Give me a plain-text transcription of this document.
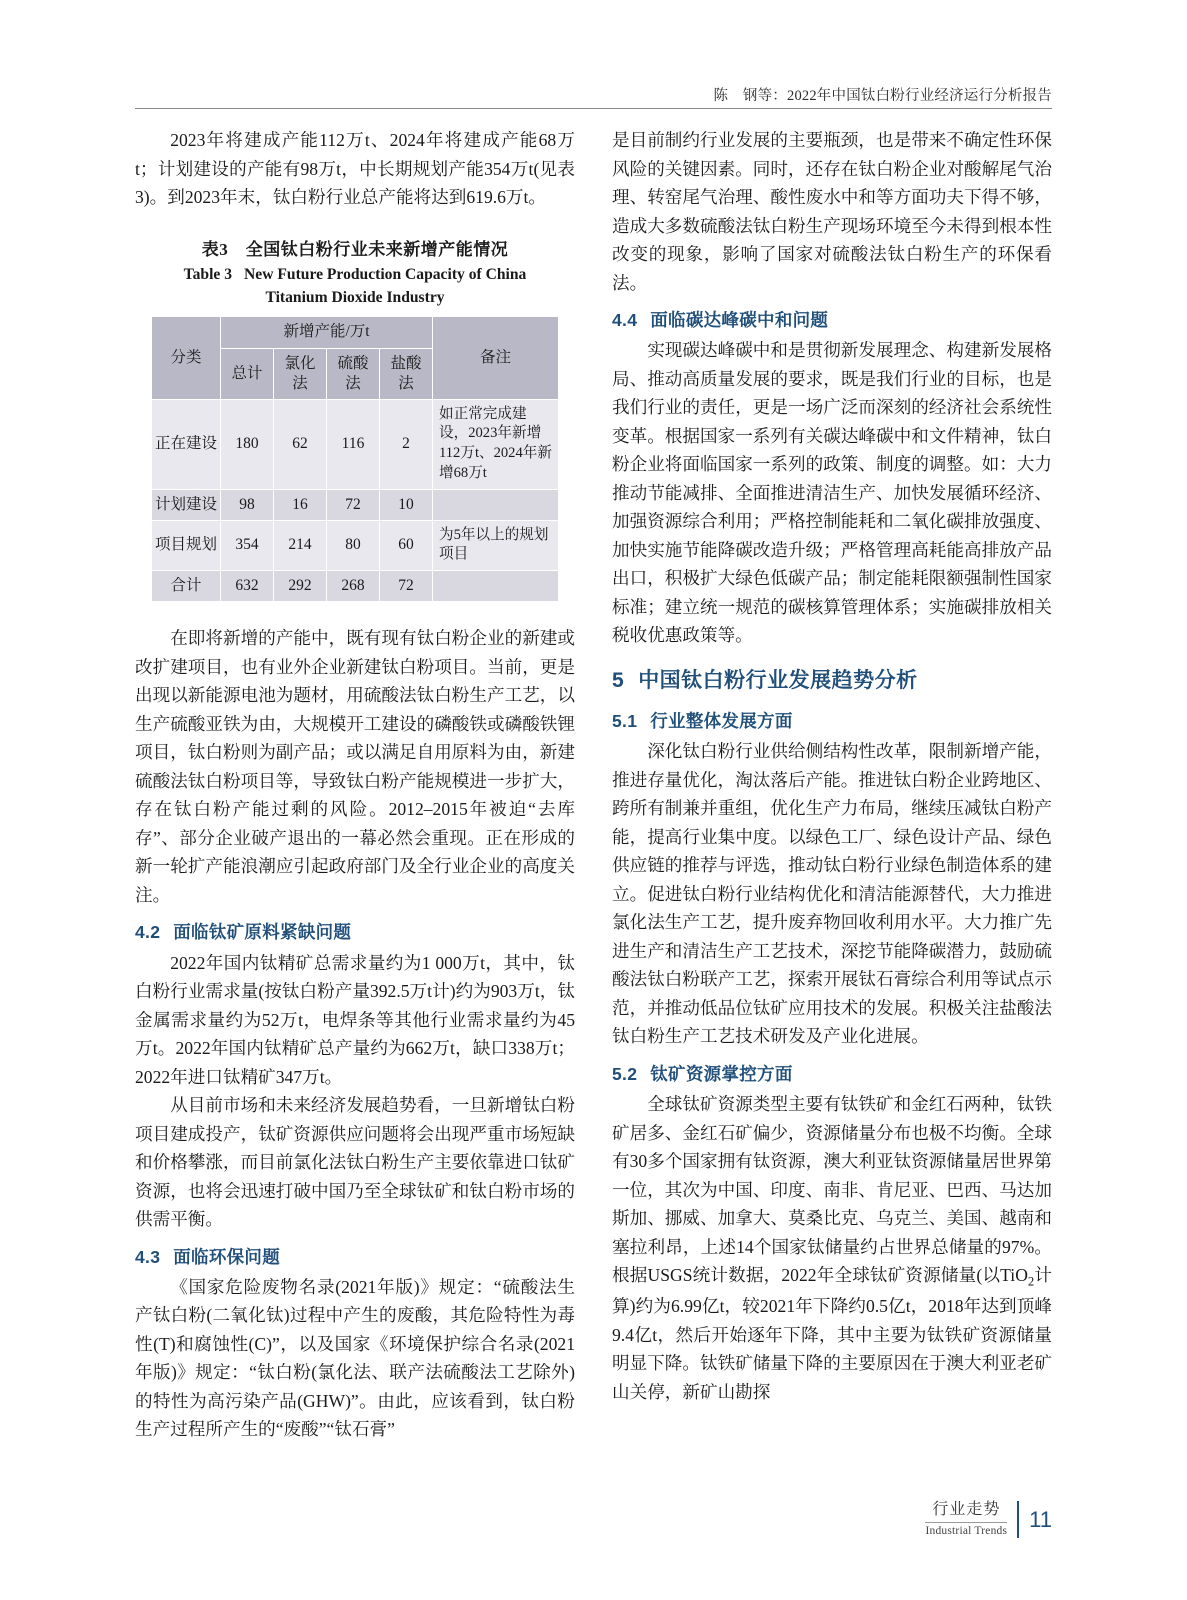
陈　钢等：2022年中国钛白粉行业经济运行分析报告

2023年将建成产能112万t、2024年将建成产能68万t；计划建设的产能有98万t，中长期规划产能354万t(见表3)。到2023年末，钛白粉行业总产能将达到619.6万t。

表3　 全国钛白粉行业未来新增产能情况
Table 3 New Future Production Capacity of China Titanium Dioxide Industry
分类	新增产能/万t				备注
	总计	氯化法	硫酸法	盐酸法	
正在建设	180	62	116	2	如正常完成建设，2023年新增112万t、2024年新增68万t
计划建设	98	16	72	10	
项目规划	354	214	80	60	为5年以上的规划项目
合计	632	292	268	72	

在即将新增的产能中，既有现有钛白粉企业的新建或改扩建项目，也有业外企业新建钛白粉项目。当前，更是出现以新能源电池为题材，用硫酸法钛白粉生产工艺，以生产硫酸亚铁为由，大规模开工建设的磷酸铁或磷酸铁锂项目，钛白粉则为副产品；或以满足自用原料为由，新建硫酸法钛白粉项目等，导致钛白粉产能规模进一步扩大，存在钛白粉产能过剩的风险。2012–2015年被迫“去库存”、部分企业破产退出的一幕必然会重现。正在形成的新一轮扩产能浪潮应引起政府部门及全行业企业的高度关注。

4.2 面临钛矿原料紧缺问题

2022年国内钛精矿总需求量约为1 000万t，其中，钛白粉行业需求量(按钛白粉产量392.5万t计)约为903万t，钛金属需求量约为52万t，电焊条等其他行业需求量约为45万t。2022年国内钛精矿总产量约为662万t，缺口338万t；2022年进口钛精矿347万t。

从目前市场和未来经济发展趋势看，一旦新增钛白粉项目建成投产，钛矿资源供应问题将会出现严重市场短缺和价格攀涨，而目前氯化法钛白粉生产主要依靠进口钛矿资源，也将会迅速打破中国乃至全球钛矿和钛白粉市场的供需平衡。

4.3 面临环保问题

《国家危险废物名录(2021年版)》规定：“硫酸法生产钛白粉(二氧化钛)过程中产生的废酸，其危险特性为毒性(T)和腐蚀性(C)”，以及国家《环境保护综合名录(2021年版)》规定：“钛白粉(氯化法、联产法硫酸法工艺除外)的特性为高污染产品(GHW)”。由此，应该看到，钛白粉生产过程所产生的“废酸”“钛石膏”

是目前制约行业发展的主要瓶颈，也是带来不确定性环保风险的关键因素。同时，还存在钛白粉企业对酸解尾气治理、转窑尾气治理、酸性废水中和等方面功夫下得不够，造成大多数硫酸法钛白粉生产现场环境至今未得到根本性改变的现象，影响了国家对硫酸法钛白粉生产的环保看法。

4.4 面临碳达峰碳中和问题

实现碳达峰碳中和是贯彻新发展理念、构建新发展格局、推动高质量发展的要求，既是我们行业的目标，也是我们行业的责任，更是一场广泛而深刻的经济社会系统性变革。根据国家一系列有关碳达峰碳中和文件精神，钛白粉企业将面临国家一系列的政策、制度的调整。如：大力推动节能减排、全面推进清洁生产、加快发展循环经济、加强资源综合利用；严格控制能耗和二氧化碳排放强度、加快实施节能降碳改造升级；严格管理高耗能高排放产品出口，积极扩大绿色低碳产品；制定能耗限额强制性国家标准；建立统一规范的碳核算管理体系；实施碳排放相关税收优惠政策等。

5 中国钛白粉行业发展趋势分析
5.1 行业整体发展方面

深化钛白粉行业供给侧结构性改革，限制新增产能，推进存量优化，淘汰落后产能。推进钛白粉企业跨地区、跨所有制兼并重组，优化生产力布局，继续压减钛白粉产能，提高行业集中度。以绿色工厂、绿色设计产品、绿色供应链的推荐与评选，推动钛白粉行业绿色制造体系的建立。促进钛白粉行业结构优化和清洁能源替代，大力推进氯化法生产工艺，提升废弃物回收利用水平。大力推广先进生产和清洁生产工艺技术，深挖节能降碳潜力，鼓励硫酸法钛白粉联产工艺，探索开展钛石膏综合利用等试点示范，并推动低品位钛矿应用技术的发展。积极关注盐酸法钛白粉生产工艺技术研发及产业化进展。

5.2 钛矿资源掌控方面

全球钛矿资源类型主要有钛铁矿和金红石两种，钛铁矿居多、金红石矿偏少，资源储量分布也极不均衡。全球有30多个国家拥有钛资源，澳大利亚钛资源储量居世界第一位，其次为中国、印度、南非、肯尼亚、巴西、马达加斯加、挪威、加拿大、莫桑比克、乌克兰、美国、越南和塞拉利昂，上述14个国家钛储量约占世界总储量的97%。根据USGS统计数据，2022年全球钛矿资源储量(以TiO$_2$计算)约为6.99亿t，较2021年下降约0.5亿t，2018年达到顶峰9.4亿t，然后开始逐年下降，其中主要为钛铁矿资源储量明显下降。钛铁矿储量下降的主要原因在于澳大利亚老矿山关停，新矿山勘探

行业走势
Industrial Trends	11
